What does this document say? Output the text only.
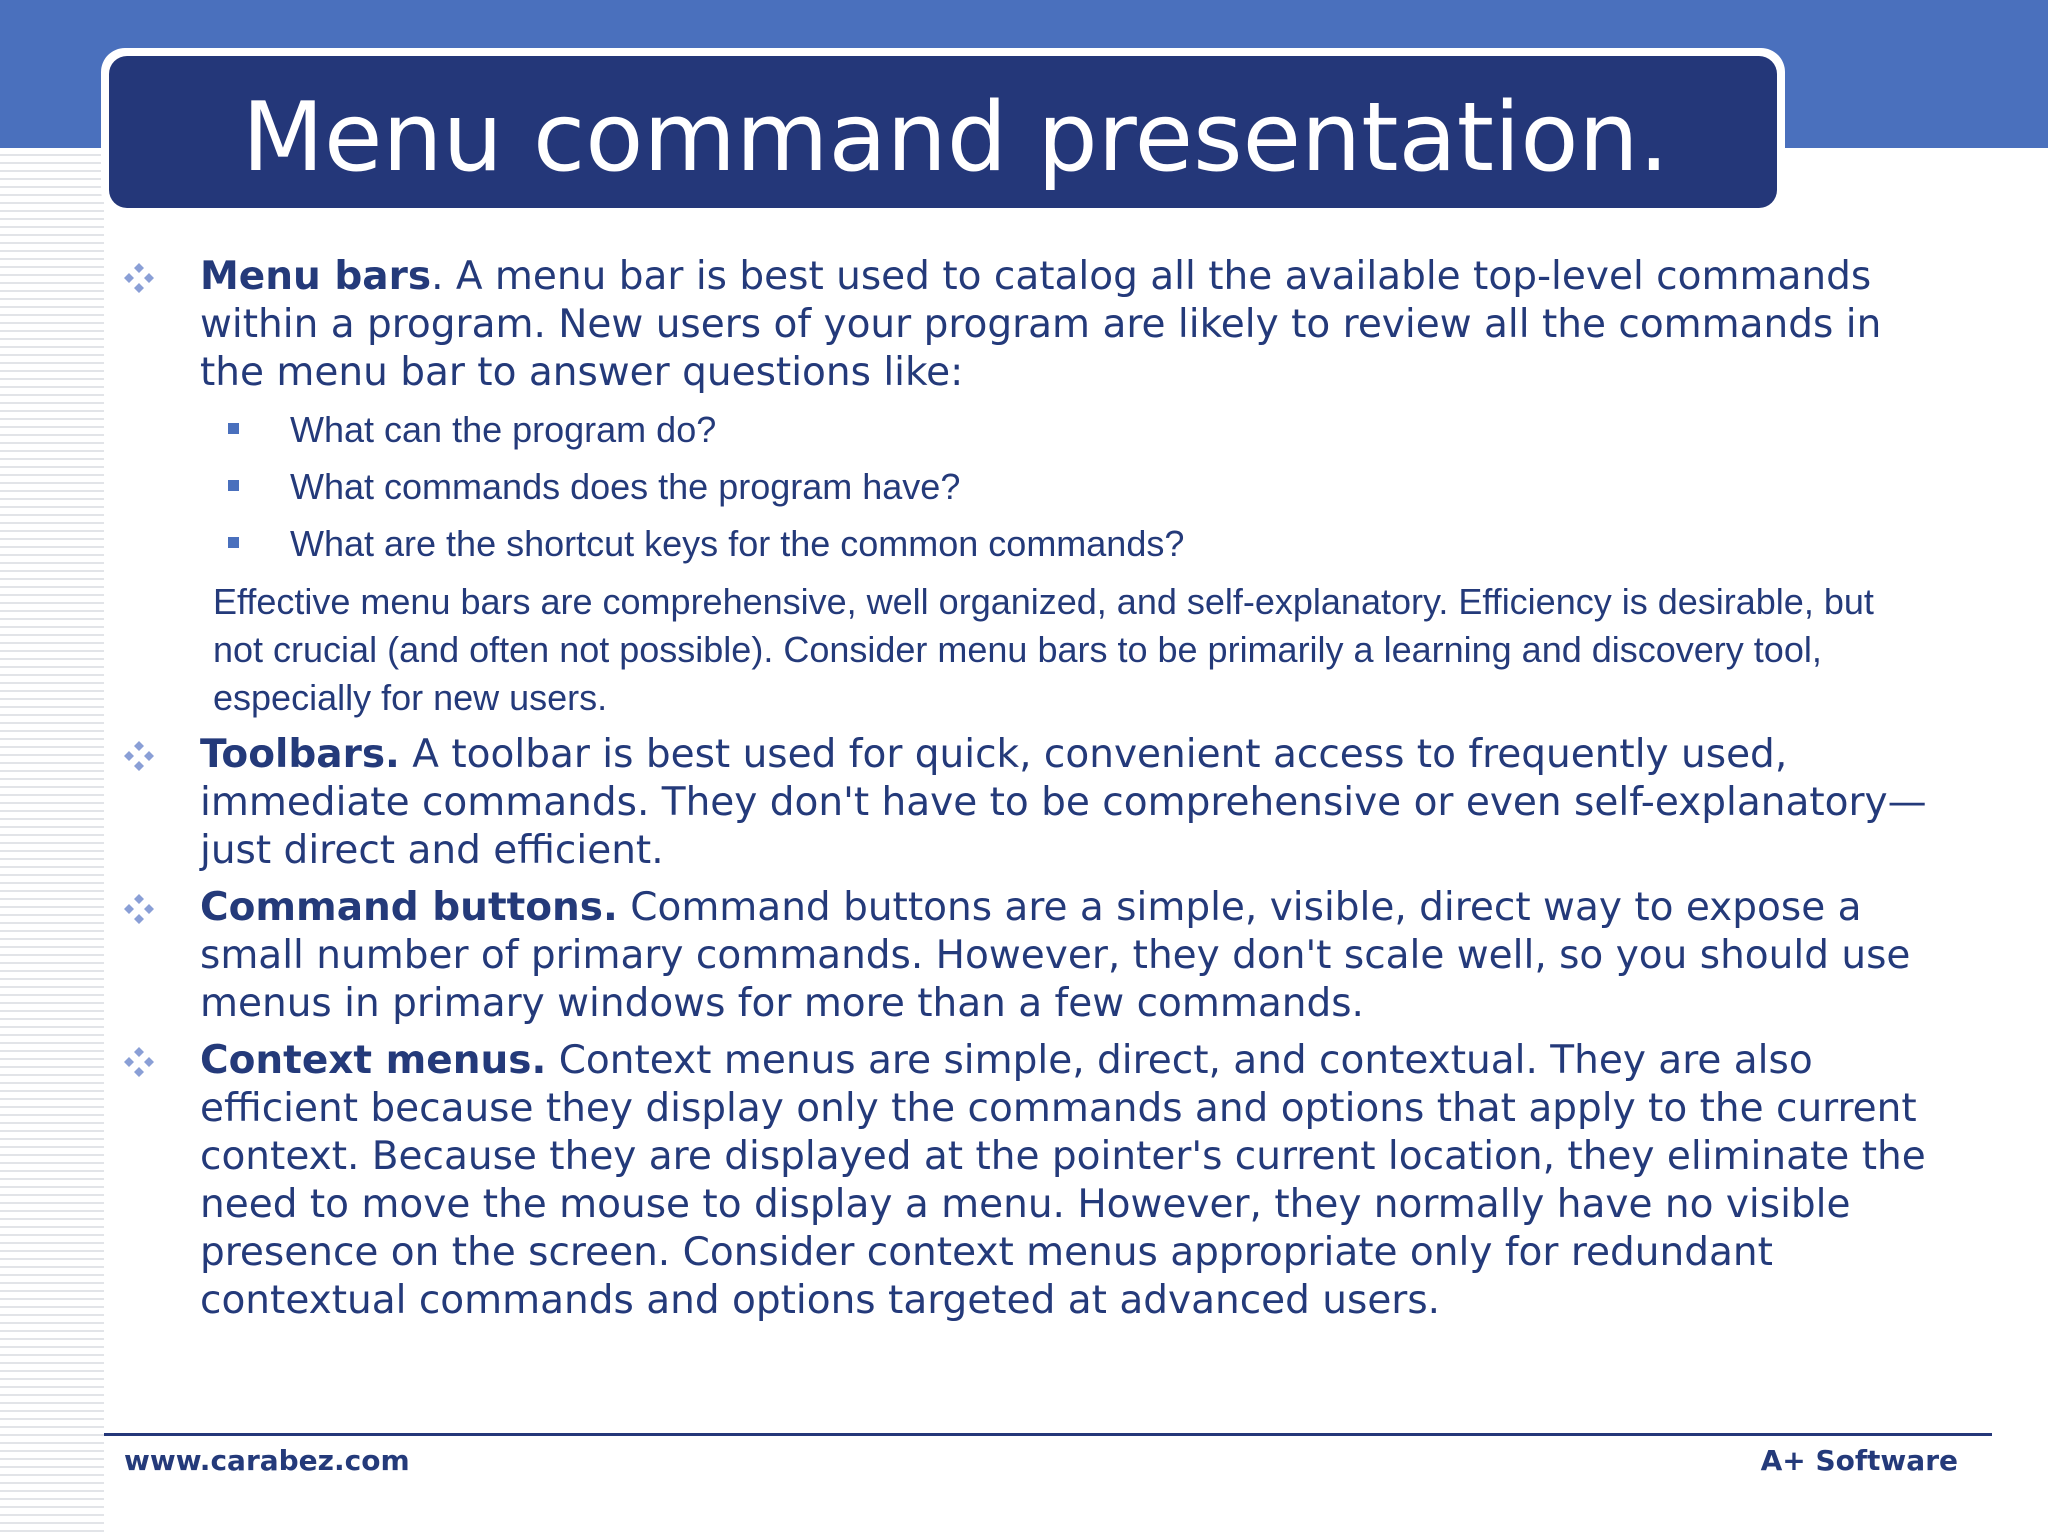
Menu command presentation.

Menu bars. A menu bar is best used to catalog all the available top-level commands within a program. New users of your program are likely to review all the commands in the menu bar to answer questions like:

What can the program do?
What commands does the program have?
What are the shortcut keys for the common commands?

Effective menu bars are comprehensive, well organized, and self-explanatory. Efficiency is desirable, but not crucial (and often not possible). Consider menu bars to be primarily a learning and discovery tool, especially for new users.

Toolbars. A toolbar is best used for quick, convenient access to frequently used, immediate commands. They don't have to be comprehensive or even self-explanatory—just direct and efficient.

Command buttons. Command buttons are a simple, visible, direct way to expose a small number of primary commands. However, they don't scale well, so you should use menus in primary windows for more than a few commands.

Context menus. Context menus are simple, direct, and contextual. They are also efficient because they display only the commands and options that apply to the current context. Because they are displayed at the pointer's current location, they eliminate the need to move the mouse to display a menu. However, they normally have no visible presence on the screen. Consider context menus appropriate only for redundant contextual commands and options targeted at advanced users.

www.carabez.com	A+ Software
